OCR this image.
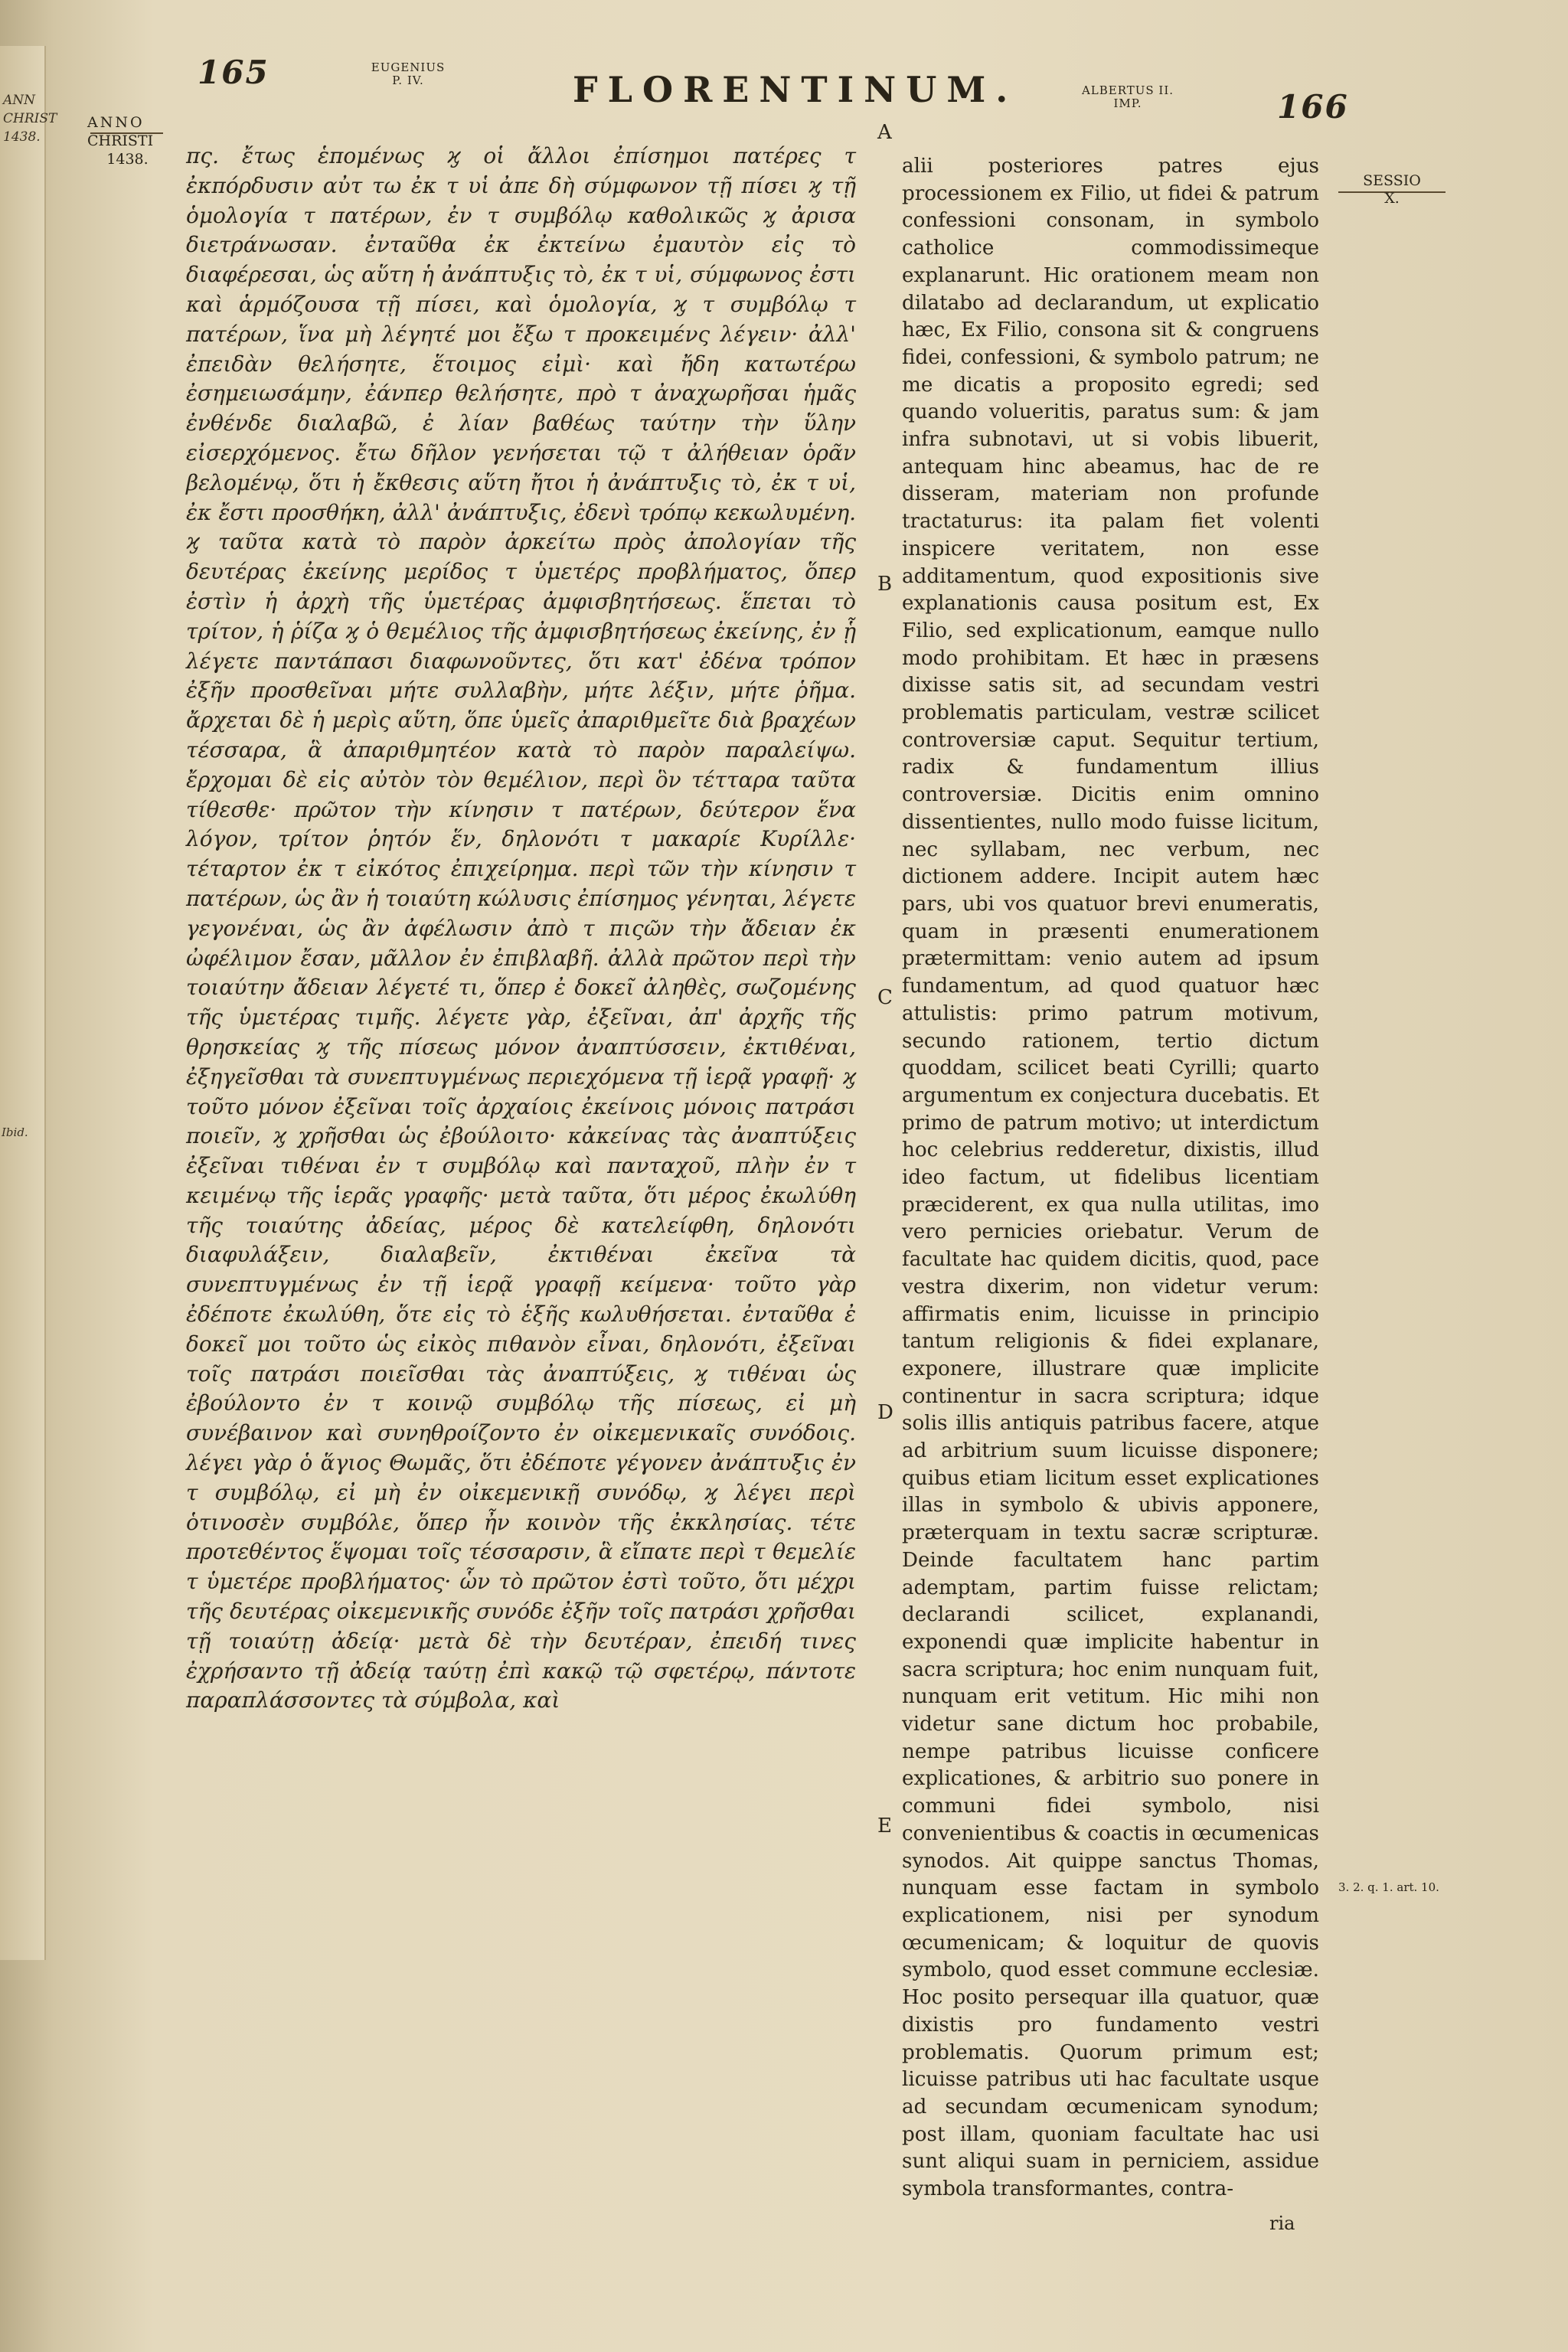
ANN
CHRIST
1438.
Ibid.
165	EUGENIUS
P. IV.	FLORENTINUM.	ALBERTUS II.
IMP.	166
ANNO
CHRISTI
1438.
SESSIO
X.
A
B
C
D
E
3. 2. q. 1. art. 10.

πς. ἔτως ἑπομένως ϗ οἱ ἄλλοι ἐπίσημοι πατέρες τ ἐκπόρδυσιν αὐτ τω ἐκ τ υἱ ἀπε δὴ σύμφωνον τῇ πίσει ϗ τῇ ὁμολογία τ πατέρων, ἐν τ συμβόλῳ καθολικῶς ϗ ἀρισα διετράνωσαν. ἐνταῦθα ἐκ ἐκτείνω ἐμαυτὸν εἰς τὸ διαφέρεσαι, ὡς αὕτη ἡ ἀνάπτυξις τὸ, ἐκ τ υἱ, σύμφωνος ἐστι καὶ ἁρμόζουσα τῇ πίσει, καὶ ὁμολογία, ϗ τ συμβόλῳ τ πατέρων, ἵνα μὴ λέγητέ μοι ἔξω τ προκειμένς λέγειν· ἀλλ' ἐπειδὰν θελήσητε, ἕτοιμος εἰμὶ· καὶ ἤδη κατωτέρω ἐσημειωσάμην, ἐάνπερ θελήσητε, πρὸ τ ἀναχωρῆσαι ἡμᾶς ἐνθένδε διαλαβῶ, ἐ λίαν βαθέως ταύτην τὴν ὕλην εἰσερχόμενος. ἔτω δῆλον γενήσεται τῷ τ ἀλήθειαν ὁρᾶν βελομένῳ, ὅτι ἡ ἔκθεσις αὕτη ἤτοι ἡ ἀνάπτυξις τὸ, ἐκ τ υἱ, ἐκ ἔστι προσθήκη, ἀλλ' ἀνάπτυξις, ἐδενὶ τρόπῳ κεκωλυμένη. ϗ ταῦτα κατὰ τὸ παρὸν ἀρκείτω πρὸς ἀπολογίαν τῆς δευτέρας ἐκείνης μερίδος τ ὑμετέρς προβλήματος, ὅπερ ἐστὶν ἡ ἀρχὴ τῆς ὑμετέρας ἀμφισβητήσεως. ἕπεται τὸ τρίτον, ἡ ῥίζα ϗ ὁ θεμέλιος τῆς ἀμφισβητήσεως ἐκείνης, ἐν ᾗ λέγετε παντάπασι διαφωνοῦντες, ὅτι κατ' ἐδένα τρόπον ἐξῆν προσθεῖναι μήτε συλλαβὴν, μήτε λέξιν, μήτε ῥῆμα. ἄρχεται δὲ ἡ μερὶς αὕτη, ὅπε ὑμεῖς ἀπαριθμεῖτε διὰ βραχέων τέσσαρα, ἃ ἀπαριθμητέον κατὰ τὸ παρὸν παραλείψω. ἔρχομαι δὲ εἰς αὐτὸν τὸν θεμέλιον, περὶ ὃν τέτταρα ταῦτα τίθεσθε· πρῶτον τὴν κίνησιν τ πατέρων, δεύτερον ἕνα λόγον, τρίτον ῥητόν ἕν, δηλονότι τ μακαρίε Κυρίλλε· τέταρτον ἐκ τ εἰκότος ἐπιχείρημα. περὶ τῶν τὴν κίνησιν τ πατέρων, ὡς ἂν ἡ τοιαύτη κώλυσις ἐπίσημος γένηται, λέγετε γεγονέναι, ὡς ἂν ἀφέλωσιν ἀπὸ τ πιςῶν τὴν ἄδειαν ἐκ ὠφέλιμον ἔσαν, μᾶλλον ἐν ἐπιβλαβῆ. ἀλλὰ πρῶτον περὶ τὴν τοιαύτην ἄδειαν λέγετέ τι, ὅπερ ἐ δοκεῖ ἀληθὲς, σωζομένης τῆς ὑμετέρας τιμῆς. λέγετε γὰρ, ἐξεῖναι, ἀπ' ἀρχῆς τῆς θρησκείας ϗ τῆς πίσεως μόνον ἀναπτύσσειν, ἐκτιθέναι, ἐξηγεῖσθαι τὰ συνεπτυγμένως περιεχόμενα τῇ ἱερᾷ γραφῇ· ϗ τοῦτο μόνον ἐξεῖναι τοῖς ἀρχαίοις ἐκείνοις μόνοις πατράσι ποιεῖν, ϗ χρῆσθαι ὡς ἐβούλοιτο· κἀκείνας τὰς ἀναπτύξεις ἐξεῖναι τιθέναι ἐν τ συμβόλῳ καὶ πανταχοῦ, πλὴν ἐν τ κειμένῳ τῆς ἱερᾶς γραφῆς· μετὰ ταῦτα, ὅτι μέρος ἐκωλύθη τῆς τοιαύτης ἀδείας, μέρος δὲ κατελείφθη, δηλονότι διαφυλάξειν, διαλαβεῖν, ἐκτιθέναι ἐκεῖνα τὰ συνεπτυγμένως ἐν τῇ ἱερᾷ γραφῇ κείμενα· τοῦτο γὰρ ἐδέποτε ἐκωλύθη, ὅτε εἰς τὸ ἑξῆς κωλυθήσεται. ἐνταῦθα ἐ δοκεῖ μοι τοῦτο ὡς εἰκὸς πιθανὸν εἶναι, δηλονότι, ἐξεῖναι τοῖς πατράσι ποιεῖσθαι τὰς ἀναπτύξεις, ϗ τιθέναι ὡς ἐβούλοντο ἐν τ κοινῷ συμβόλῳ τῆς πίσεως, εἰ μὴ συνέβαινον καὶ συνηθροίζοντο ἐν οἰκεμενικαῖς συνόδοις. λέγει γὰρ ὁ ἅγιος Θωμᾶς, ὅτι ἐδέποτε γέγονεν ἀνάπτυξις ἐν τ συμβόλῳ, εἰ μὴ ἐν οἰκεμενικῇ συνόδῳ, ϗ λέγει περὶ ὁτινοσὲν συμβόλε, ὅπερ ἦν κοινὸν τῆς ἐκκλησίας. τέτε προτεθέντος ἕψομαι τοῖς τέσσαρσιν, ἃ εἴπατε περὶ τ θεμελίε τ ὑμετέρε προβλήματος· ὧν τὸ πρῶτον ἐστὶ τοῦτο, ὅτι μέχρι τῆς δευτέρας οἰκεμενικῆς συνόδε ἐξῆν τοῖς πατράσι χρῆσθαι τῇ τοιαύτῃ ἀδείᾳ· μετὰ δὲ τὴν δευτέραν, ἐπειδή τινες ἐχρήσαντο τῇ ἀδείᾳ ταύτῃ ἐπὶ κακῷ τῷ σφετέρῳ, πάντοτε παραπλάσσοντες τὰ σύμβολα, καὶ

alii posteriores patres ejus processionem ex Filio, ut fidei & patrum confessioni consonam, in symbolo catholice commodissimeque explanarunt. Hic orationem meam non dilatabo ad declarandum, ut explicatio hæc, Ex Filio, consona sit & congruens fidei, confessioni, & symbolo patrum; ne me dicatis a proposito egredi; sed quando volueritis, paratus sum: & jam infra subnotavi, ut si vobis libuerit, antequam hinc abeamus, hac de re disseram, materiam non profunde tractaturus: ita palam fiet volenti inspicere veritatem, non esse additamentum, quod expositionis sive explanationis causa positum est, Ex Filio, sed explicationum, eamque nullo modo prohibitam. Et hæc in præsens dixisse satis sit, ad secundam vestri problematis particulam, vestræ scilicet controversiæ caput. Sequitur tertium, radix & fundamentum illius controversiæ. Dicitis enim omnino dissentientes, nullo modo fuisse licitum, nec syllabam, nec verbum, nec dictionem addere. Incipit autem hæc pars, ubi vos quatuor brevi enumeratis, quam in præsenti enumerationem prætermittam: venio autem ad ipsum fundamentum, ad quod quatuor hæc attulistis: primo patrum motivum, secundo rationem, tertio dictum quoddam, scilicet beati Cyrilli; quarto argumentum ex conjectura ducebatis. Et primo de patrum motivo; ut interdictum hoc celebrius redderetur, dixistis, illud ideo factum, ut fidelibus licentiam præciderent, ex qua nulla utilitas, imo vero pernicies oriebatur. Verum de facultate hac quidem dicitis, quod, pace vestra dixerim, non videtur verum: affirmatis enim, licuisse in principio tantum religionis & fidei explanare, exponere, illustrare quæ implicite continentur in sacra scriptura; idque solis illis antiquis patribus facere, atque ad arbitrium suum licuisse disponere; quibus etiam licitum esset explicationes illas in symbolo & ubivis apponere, præterquam in textu sacræ scripturæ. Deinde facultatem hanc partim ademptam, partim fuisse relictam; declarandi scilicet, explanandi, exponendi quæ implicite habentur in sacra scriptura; hoc enim nunquam fuit, nunquam erit vetitum. Hic mihi non videtur sane dictum hoc probabile, nempe patribus licuisse conficere explicationes, & arbitrio suo ponere in communi fidei symbolo, nisi convenientibus & coactis in œcumenicas synodos. Ait quippe sanctus Thomas, nunquam esse factam in symbolo explicationem, nisi per synodum œcumenicam; & loquitur de quovis symbolo, quod esset commune ecclesiæ. Hoc posito persequar illa quatuor, quæ dixistis pro fundamento vestri problematis. Quorum primum est; licuisse patribus uti hac facultate usque ad secundam œcumenicam synodum; post illam, quoniam facultate hac usi sunt aliqui suam in perniciem, assidue symbola transformantes, contra-

ria
